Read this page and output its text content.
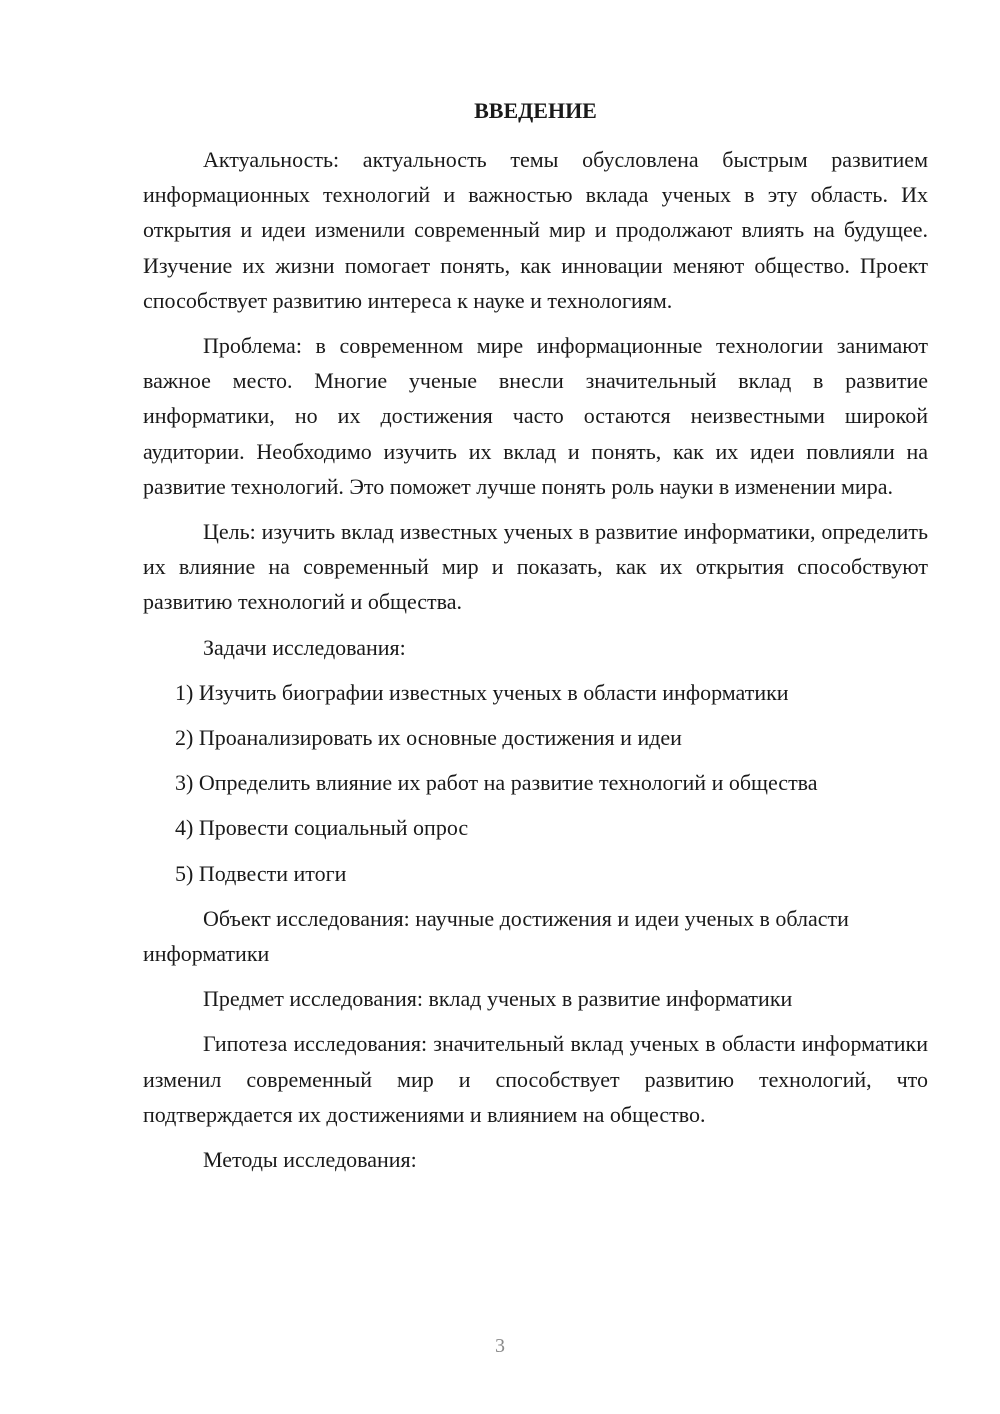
ВВЕДЕНИЕ

Актуальность: актуальность темы обусловлена быстрым развитием информационных технологий и важностью вклада ученых в эту область. Их открытия и идеи изменили современный мир и продолжают влиять на будущее. Изучение их жизни помогает понять, как инновации меняют общество. Проект способствует развитию интереса к науке и технологиям.

Проблема: в современном мире информационные технологии занимают важное место. Многие ученые внесли значительный вклад в развитие информатики, но их достижения часто остаются неизвестными широкой аудитории. Необходимо изучить их вклад и понять, как их идеи повлияли на развитие технологий. Это поможет лучше понять роль науки в изменении мира.

Цель: изучить вклад известных ученых в развитие информатики, определить их влияние на современный мир и показать, как их открытия способствуют развитию технологий и общества.

Задачи исследования:

1) Изучить биографии известных ученых в области информатики
2) Проанализировать их основные достижения и идеи
3) Определить влияние их работ на развитие технологий и общества
4) Провести социальный опрос
5) Подвести итоги

Объект исследования: научные достижения и идеи ученых в области информатики

Предмет исследования: вклад ученых в развитие информатики

Гипотеза исследования: значительный вклад ученых в области информатики изменил современный мир и способствует развитию технологий, что подтверждается их достижениями и влиянием на общество.

Методы исследования:

3
